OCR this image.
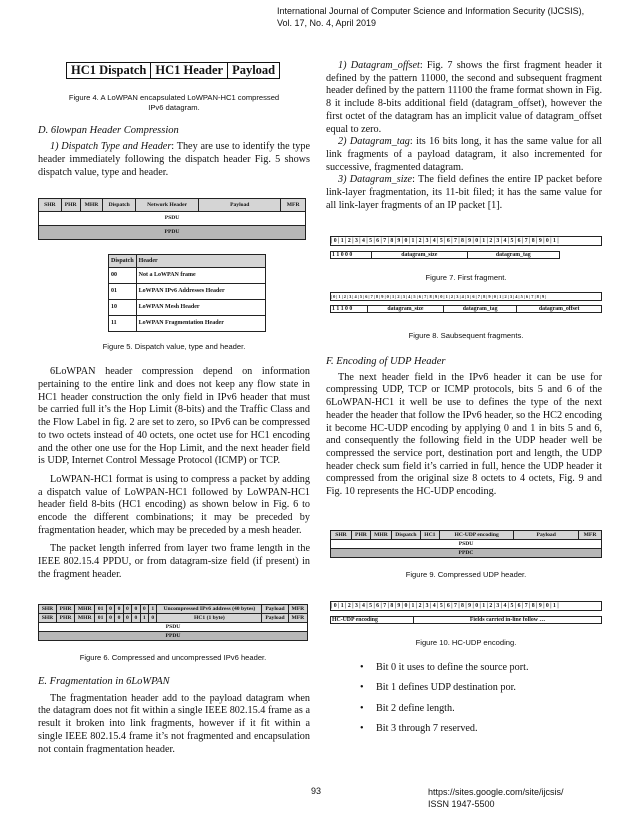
International Journal of Computer Science and Information Security (IJCSIS),
Vol. 17, No. 4, April 2019
HC1 Dispatch	HC1 Header	Payload
Figure 4. A LoWPAN encapsulated LoWPAN-HC1 compressed IPv6 datagram.
D. 6lowpan Header Compression

1) Dispatch Type and Header: They are use to identify the type header immediately following the dispatch header Fig. 5 shows dispatch value, type and header.

SHR	PHR	MHR	Dispatch	Network Header	Payload	MFR
PSDU
PPDU
Dispatch	Header
00	Not a LoWPAN frame
01	LoWPAN IPv6 Addresses Header
10	LoWPAN Mesh Header
11	LoWPAN Fragmentation Header
Figure 5. Dispatch value, type and header.

6LoWPAN header compression depend on information pertaining to the entire link and does not keep any flow state in HC1 header construction the only field in IPv6 header that must be carried full it’s the Hop Limit (8-bits) and the Traffic Class and the Flow Label in fig. 2 are set to zero, so IPv6 can be compressed to two octets instead of 40 octets, one octet use for HC1 encoding and the other one use for the Hop Limit, and the next header field is UDP, Internet Control Message Protocol (ICMP) or TCP.

LoWPAN-HC1 format is using to compress a packet by adding a dispatch value of LoWPAN-HC1 followed by LoWPAN-HC1 header field 8-bits (HC1 encoding) as shown below in Fig. 6 to encode the different combinations; it may be preceded by fragmentation header, which may be preceded by a mesh header.

The packet length inferred from layer two frame length in the IEEE 802.15.4 PPDU, or from datagram-size field (if present) in the fragment header.

SHR	PHR	MHR	01	0	0	0	0	0	1	Uncompressed IPv6 address (40 bytes)	Payload	MFR
SHR	PHR	MHR	01	0	0	0	0	1	0	HC1 (1 byte)	Payload	MFR
PSDU												
PPDU												
Figure 6. Compressed and uncompressed IPv6 header.
E. Fragmentation in 6LoWPAN

The fragmentation header add to the payload datagram when the datagram does not fit within a single IEEE 802.15.4 frame as a result it broken into link fragments, however if it fit within a single IEEE 802.15.4 frame it’s not fragmented and encapsulation not contain fragmentation header.

1) Datagram_offset: Fig. 7 shows the first fragment header it defined by the pattern 11000, the second and subsequent fragment header defined by the pattern 11100 the frame format shown in Fig. 8 it include 8-bits additional field (datagram_offset), however the first octet of the datagram has an implicit value of datagram_offset equal to zero.

2) Datagram_tag: its 16 bits long, it has the same value for all link fragments of a payload datagram, it also incremented for successive, fragmented datagram.

3) Datagram_size: The field defines the entire IP packet before link-layer fragmentation, its 11-bit filed; it has the same value for all link-layer fragments of an IP packet [1].

| 0 | 1 | 2 | 3 | 4 | 5 | 6 | 7 | 8 | 9 | 0 | 1 | 2 | 3 | 4 | 5 | 6 | 7 | 8 | 9 | 0 | 1 | 2 | 3 | 4 | 5 | 6 | 7 | 8 | 9 | 0 | 1 |
1 1 0 0 0	datagram_size	datagram_tag
Figure 7. First fragment.
| 0 | 1 | 2 | 3 | 4 | 5 | 6 | 7 | 8 | 9 | 0 | 1 | 2 | 3 | 4 | 5 | 6 | 7 | 8 | 9 | 0 | 1 | 2 | 3 | 4 | 5 | 6 | 7 | 8 | 9 | 0 | 1 | 2 | 3 | 4 | 5 | 6 | 7 | 8 | 9 |
1 1 1 0 0	datagram_size	datagram_tag	datagram_offset
Figure 8. Saubsequent fragments.
F. Encoding of UDP Header

The next header field in the IPv6 header it can be use for compressing UDP, TCP or ICMP protocols, bits 5 and 6 of the 6LoWPAN-HC1 it well be use to defines the type of the next header the header that follow the IPv6 header, so the HC2 encoding it become HC-UDP encoding by applying 0 and 1 in bits 5 and 6, and consequently the following field in the UDP header well be compressed the service port, destination port and length, the UDP header check sum field it’s carried in full, hence the UDP header it compressed from the original size 8 octets to 4 octets, Fig. 9 and Fig. 10 represents the HC-UDP encoding.

SHR	PHR	MHR	Dispatch	HC1	HC-UDP encoding	Payload	MFR
PSDU
PPDC
Figure 9. Compressed UDP header.
| 0 | 1 | 2 | 3 | 4 | 5 | 6 | 7 | 8 | 9 | 0 | 1 | 2 | 3 | 4 | 5 | 6 | 7 | 8 | 9 | 0 | 1 | 2 | 3 | 4 | 5 | 6 | 7 | 8 | 9 | 0 | 1 |
HC-UDP encoding	Fields carried in-line follow …
Figure 10. HC-UDP encoding.
• Bit 0 it uses to define the source port.
• Bit 1 defines UDP destination por.
• Bit 2 define length.
• Bit 3 through 7 reserved.
93	https://sites.google.com/site/ijcsis/
ISSN 1947-5500
